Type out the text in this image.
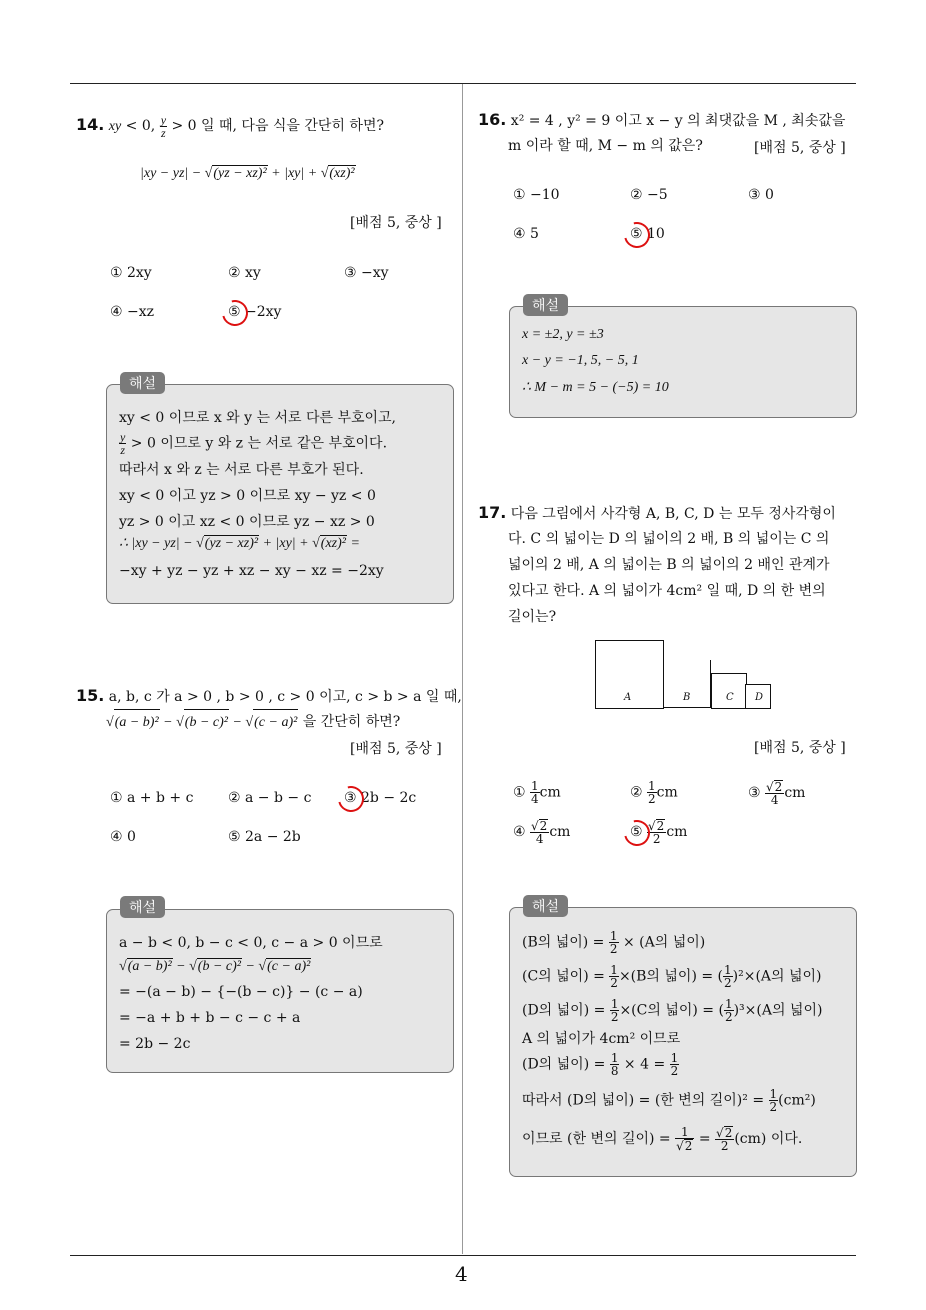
14. xy < 0, $\frac{y}{z} > 0$ 일 때, 다음 식을 간단히 하면?
|xy − yz| − √(yz − xz)² + |xy| + √(xz)²
[배점 5, 중상 ]
① 2xy	② xy	③ −xy
④ −xz	⑤ −2xy
xy < 0 이므로 x 와 y 는 서로 다른 부호이고,
$\frac{y}{z} > 0$ 이므로 y 와 z 는 서로 같은 부호이다.
따라서 x 와 z 는 서로 다른 부호가 된다.
xy < 0 이고 yz > 0 이므로 xy − yz < 0
yz > 0 이고 xz < 0 이므로 yz − xz > 0
∴ |xy − yz| − √(yz − xz)² + |xy| + √(xz)² =
−xy + yz − yz + xz − xy − xz = −2xy
해설
15. a, b, c 가 a > 0 , b > 0 , c > 0 이고, c > b > a 일 때,
√(a − b)² − √(b − c)² − √(c − a)² 을 간단히 하면?
[배점 5, 중상 ]
① a + b + c ② a − b − c ③ 2b − 2c
④ 0	⑤ 2a − 2b
a − b < 0, b − c < 0, c − a > 0 이므로
√(a − b)² − √(b − c)² − √(c − a)²
= −(a − b) − {−(b − c)} − (c − a)
= −a + b + b − c − c + a
= 2b − 2c
해설
16. x² = 4 , y² = 9 이고 x − y 의 최댓값을 M , 최솟값을
m 이라 할 때, M − m 의 값은?	[배점 5, 중상 ]
① −10	② −5	③ 0
④ 5	⑤ 10
x = ±2, y = ±3
x − y = −1, 5, − 5, 1
∴ M − m = 5 − (−5) = 10
해설
17. 다음 그림에서 사각형 A, B, C, D 는 모두 정사각형이
다. C 의 넓이는 D 의 넓이의 2 배, B 의 넓이는 C 의
넓이의 2 배, A 의 넓이는 B 의 넓이의 2 배인 관계가
있다고 한다. A 의 넓이가 4cm² 일 때, D 의 한 변의
길이는?
A	B	C D
[배점 5, 중상 ]
① $\frac{1}{4}$ cm	② $\frac{1}{2}$ cm	③ $\frac{√2}{4}$ cm
④ $\frac{√2}{4}$ cm	⑤ $\frac{√2}{2}$ cm
(B의 넓이) = $\frac{1}{2} \times (A$의 넓이)
(C의 넓이) = $\frac{1}{2} \times(B$의 넓이) = ( $\frac{1}{2} )^2\times(A$의 넓이)
(D의 넓이) = $\frac{1}{2} \times(C$의 넓이) = ( $\frac{1}{2} )^3\times(A$의 넓이)
A 의 넓이가 4cm² 이므로
(D의 넓이) = $\frac{1}{8} \times 4 = \frac{1}{2}$
따라서 (D의 넓이) = (한 변의 길이)$^2 = \frac{1}{2} (cm^2)$
이므로 (한 변의 길이) = $\frac{1}{√2} = \frac{√2}{2} (cm)$ 이다.
해설
4
